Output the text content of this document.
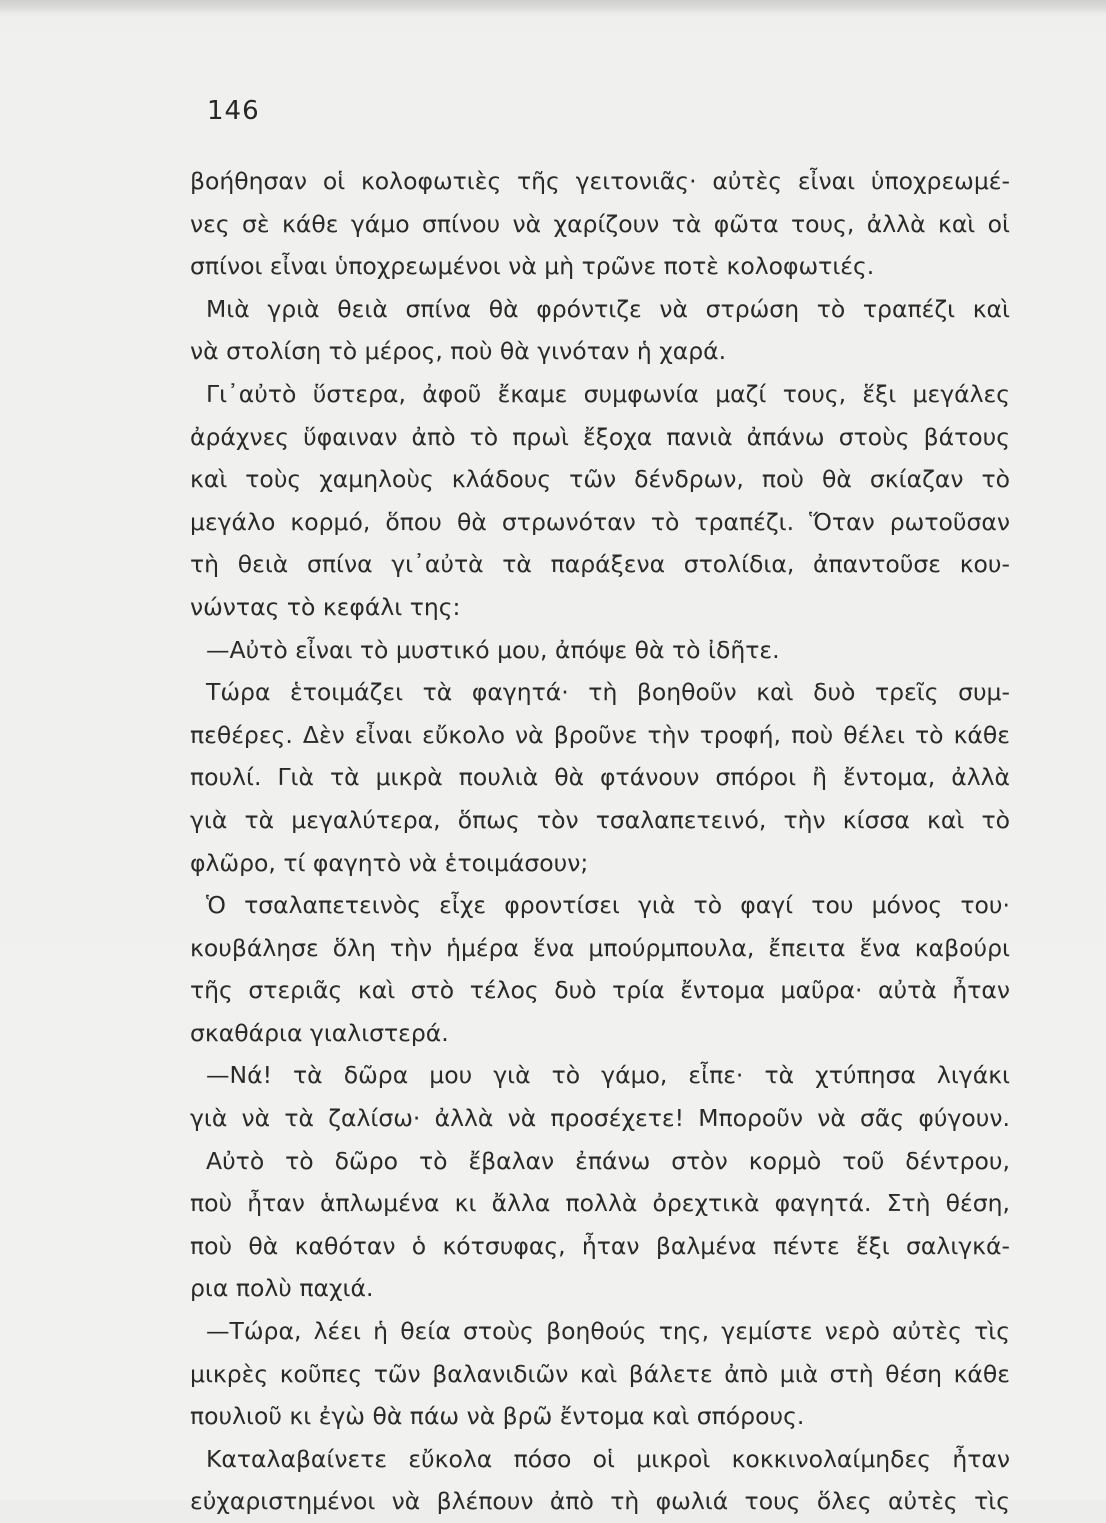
146
βοήθησαν οἱ κολοφωτιὲς τῆς γειτονιᾶς· αὐτὲς εἶναι ὑποχρεωμέ-
νες σὲ κάθε γάμο σπίνου νὰ χαρίζουν τὰ φῶτα τους, ἀλλὰ καὶ οἱ
σπίνοι εἶναι ὑποχρεωμένοι νὰ μὴ τρῶνε ποτὲ κολοφωτιές.
Μιὰ γριὰ θειὰ σπίνα θὰ φρόντιζε νὰ στρώση τὸ τραπέζι καὶ
νὰ στολίση τὸ μέρος, ποὺ θὰ γινόταν ἡ χαρά.
Γι᾽αὐτὸ ὕστερα, ἀφοῦ ἔκαμε συμφωνία μαζί τους, ἕξι μεγάλες
ἀράχνες ὕφαιναν ἀπὸ τὸ πρωὶ ἔξοχα πανιὰ ἀπάνω στοὺς βάτους
καὶ τοὺς χαμηλοὺς κλάδους τῶν δένδρων, ποὺ θὰ σκίαζαν τὸ
μεγάλο κορμό, ὅπου θὰ στρωνόταν τὸ τραπέζι. Ὅταν ρωτοῦσαν
τὴ θειὰ σπίνα γι᾽αὐτὰ τὰ παράξενα στολίδια, ἀπαντοῦσε κου-
νώντας τὸ κεφάλι της:
—Αὐτὸ εἶναι τὸ μυστικό μου, ἀπόψε θὰ τὸ ἰδῆτε.
Τώρα ἑτοιμάζει τὰ φαγητά· τὴ βοηθοῦν καὶ δυὸ τρεῖς συμ-
πεθέρες. Δὲν εἶναι εὔκολο νὰ βροῦνε τὴν τροφή, ποὺ θέλει τὸ κάθε
πουλί. Γιὰ τὰ μικρὰ πουλιὰ θὰ φτάνουν σπόροι ἢ ἔντομα, ἀλλὰ
γιὰ τὰ μεγαλύτερα, ὅπως τὸν τσαλαπετεινό, τὴν κίσσα καὶ τὸ
φλῶρο, τί φαγητὸ νὰ ἑτοιμάσουν;
Ὁ τσαλαπετεινὸς εἶχε φροντίσει γιὰ τὸ φαγί του μόνος του·
κουβάλησε ὅλη τὴν ἡμέρα ἕνα μπούρμπουλα, ἔπειτα ἕνα καβούρι
τῆς στεριᾶς καὶ στὸ τέλος δυὸ τρία ἔντομα μαῦρα· αὐτὰ ἦταν
σκαθάρια γιαλιστερά.
—Νά! τὰ δῶρα μου γιὰ τὸ γάμο, εἶπε· τὰ χτύπησα λιγάκι
γιὰ νὰ τὰ ζαλίσω· ἀλλὰ νὰ προσέχετε! Μποροῦν νὰ σᾶς φύγουν.
Αὐτὸ τὸ δῶρο τὸ ἔβαλαν ἐπάνω στὸν κορμὸ τοῦ δέντρου,
ποὺ ἦταν ἁπλωμένα κι ἄλλα πολλὰ ὀρεχτικὰ φαγητά. Στὴ θέση,
ποὺ θὰ καθόταν ὁ κότσυφας, ἦταν βαλμένα πέντε ἕξι σαλιγκά-
ρια πολὺ παχιά.
—Τώρα, λέει ἡ θεία στοὺς βοηθούς της, γεμίστε νερὸ αὐτὲς τὶς
μικρὲς κοῦπες τῶν βαλανιδιῶν καὶ βάλετε ἀπὸ μιὰ στὴ θέση κάθε
πουλιοῦ κι ἐγὼ θὰ πάω νὰ βρῶ ἔντομα καὶ σπόρους.
Καταλαβαίνετε εὔκολα πόσο οἱ μικροὶ κοκκινολαίμηδες ἦταν
εὐχαριστημένοι νὰ βλέπουν ἀπὸ τὴ φωλιά τους ὅλες αὐτὲς τὶς
